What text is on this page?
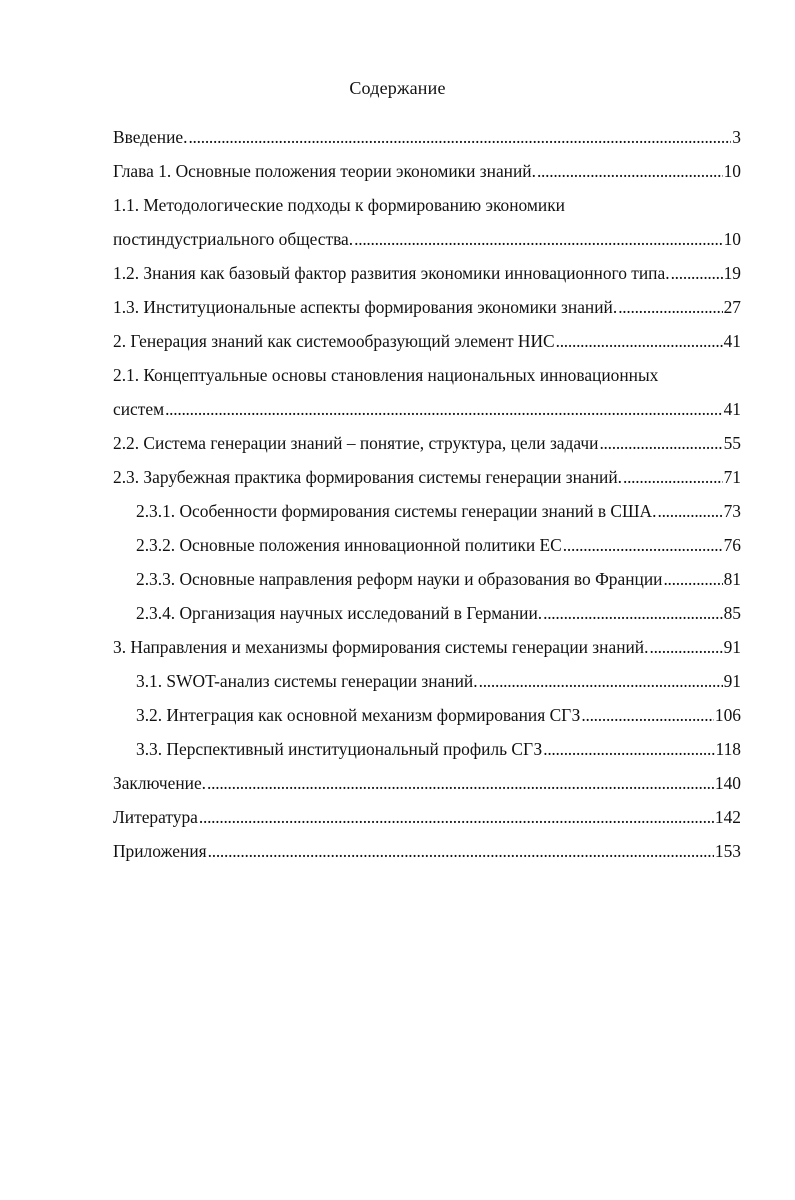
Содержание
Введение. . . .	3
Глава 1. Основные положения теории экономики знаний. . . .	10
1.1. Методологические подходы к формированию экономики
постиндустриального общества. . . .	10
1.2. Знания как базовый фактор развития экономики инновационного типа. . . .	19
1.3. Институциональные аспекты формирования экономики знаний. . . .	27
2. Генерация знаний как системообразующий элемент НИС . . .	41
2.1. Концептуальные основы становления национальных инновационных
систем . . .	41
2.2. Система генерации знаний – понятие, структура, цели задачи . . .	55
2.3. Зарубежная практика формирования системы генерации знаний. . . .	71
2.3.1. Особенности формирования системы генерации знаний в США. . . .	73
2.3.2. Основные положения инновационной политики ЕС . . .	76
2.3.3. Основные направления реформ науки и образования во Франции . . .	81
2.3.4. Организация научных исследований в Германии. . . .	85
3. Направления и механизмы формирования системы генерации знаний. . . .	91
3.1. SWOT-анализ системы генерации знаний. . . .	91
3.2. Интеграция как основной механизм формирования СГЗ . . .	106
3.3. Перспективный институциональный профиль СГЗ . . .	118
Заключение. . . .	140
Литература . . .	142
Приложения . . .	153
